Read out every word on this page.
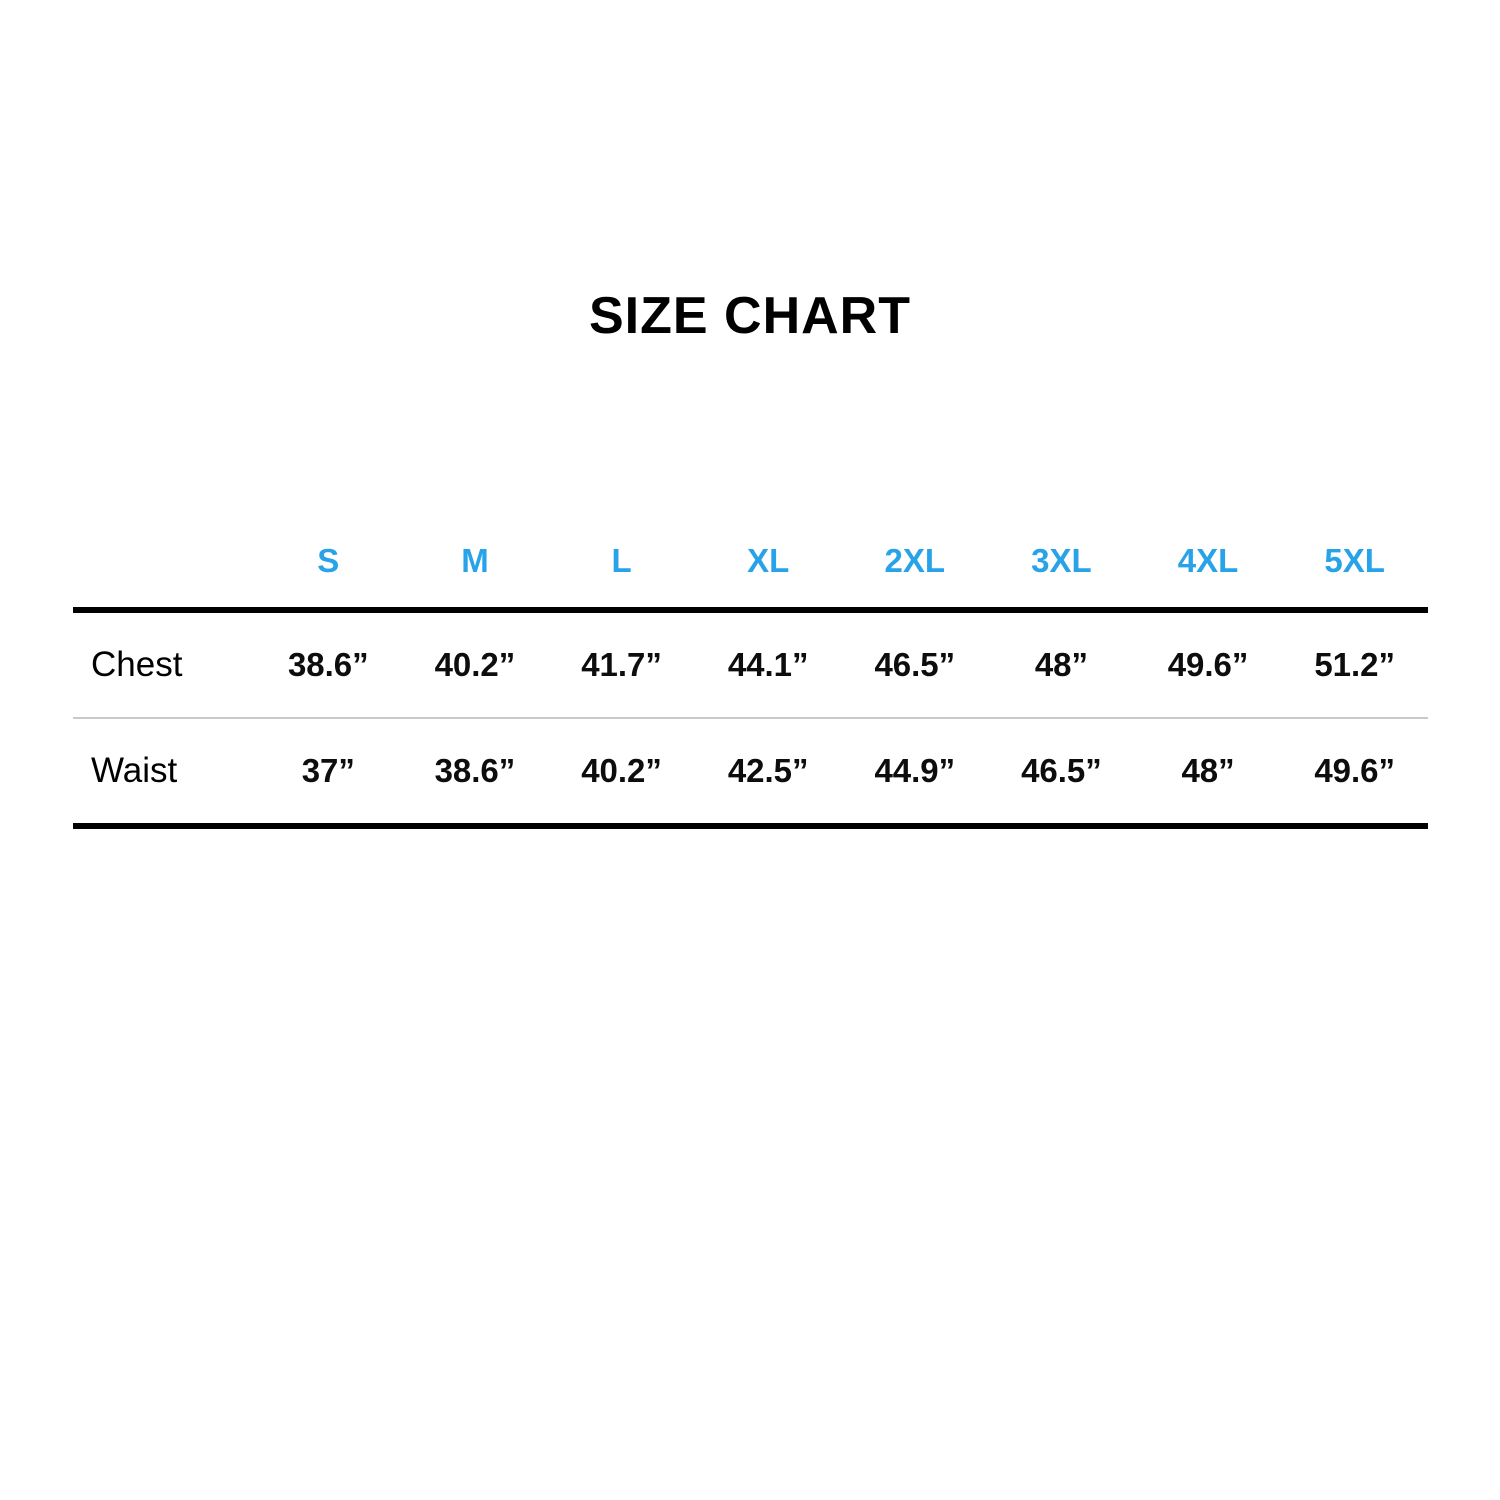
SIZE CHART
	S	M	L	XL	2XL	3XL	4XL	5XL
Chest	38.6”	40.2”	41.7”	44.1”	46.5”	48”	49.6”	51.2”
Waist	37”	38.6”	40.2”	42.5”	44.9”	46.5”	48”	49.6”
